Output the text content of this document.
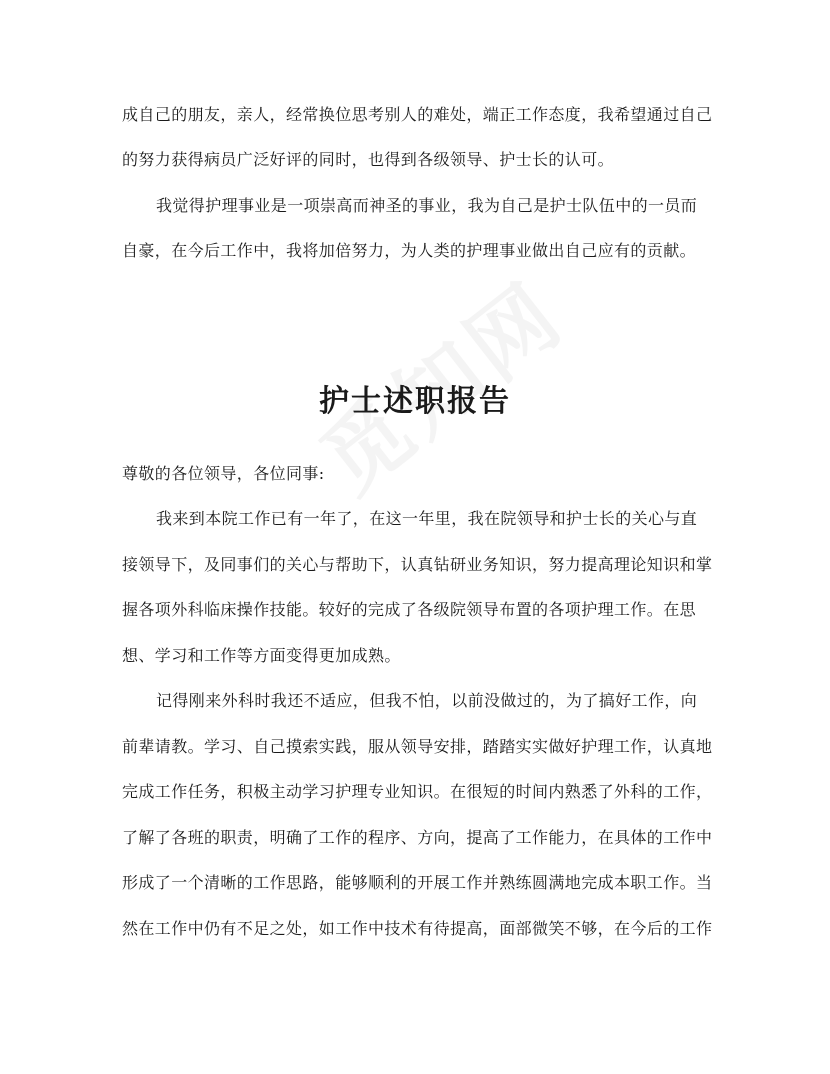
成自己的朋友，亲人，经常换位思考别人的难处，端正工作态度，我希望通过自己
的努力获得病员广泛好评的同时，也得到各级领导、护士长的认可。
我觉得护理事业是一项崇高而神圣的事业，我为自己是护士队伍中的一员而
自豪，在今后工作中，我将加倍努力，为人类的护理事业做出自己应有的贡献。
护士述职报告
尊敬的各位领导，各位同事:
我来到本院工作已有一年了，在这一年里，我在院领导和护士长的关心与直
接领导下，及同事们的关心与帮助下，认真钻研业务知识，努力提高理论知识和掌
握各项外科临床操作技能。较好的完成了各级院领导布置的各项护理工作。在思
想、学习和工作等方面变得更加成熟。
记得刚来外科时我还不适应，但我不怕，以前没做过的，为了搞好工作，向
前辈请教。学习、自己摸索实践，服从领导安排，踏踏实实做好护理工作，认真地
完成工作任务，积极主动学习护理专业知识。在很短的时间内熟悉了外科的工作，
了解了各班的职责，明确了工作的程序、方向，提高了工作能力，在具体的工作中
形成了一个清晰的工作思路，能够顺利的开展工作并熟练圆满地完成本职工作。当
然在工作中仍有不足之处，如工作中技术有待提高，面部微笑不够，在今后的工作
